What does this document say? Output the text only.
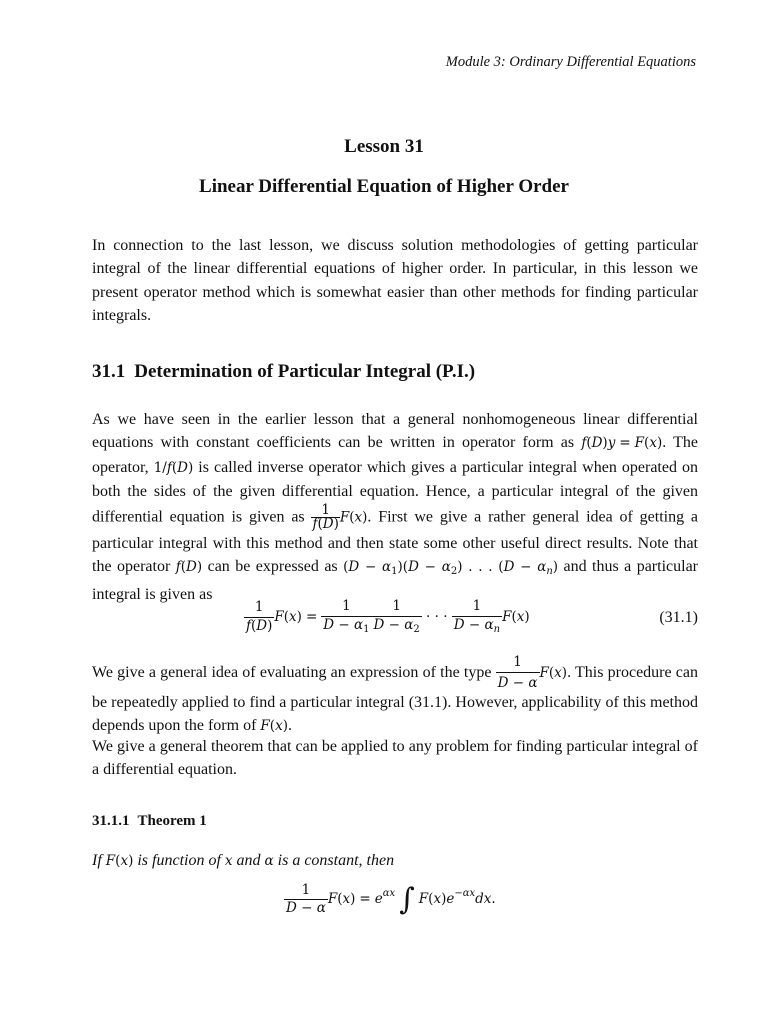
Module 3: Ordinary Differential Equations
Lesson 31
Linear Differential Equation of Higher Order

In connection to the last lesson, we discuss solution methodologies of getting particular integral of the linear differential equations of higher order. In particular, in this lesson we present operator method which is somewhat easier than other methods for finding particular integrals.

31.1 Determination of Particular Integral (P.I.)

As we have seen in the earlier lesson that a general nonhomogeneous linear differential equations with constant coefficients can be written in operator form as f(D)y = F(x). The operator, 1/f(D) is called inverse operator which gives a particular integral when operated on both the sides of the given differential equation. Hence, a particular integral of the given differential equation is given as $\frac{1}{f(D)} F(x)$. First we give a rather general idea of getting a particular integral with this method and then state some other useful direct results. Note that the operator f(D) can be expressed as $(D - \alpha_1)(D - \alpha_2)$ . . . $(D - \alpha_n)$ and thus a particular integral is given as

$\frac{1}{f(D)} F(x) = \frac{1}{D - \alpha_1} \frac{1}{D - \alpha_2}$ · · · $\frac{1}{D - \alpha_n} F(x)$	(31.1)

We give a general idea of evaluating an expression of the type $\frac{1}{D - \alpha} F(x)$. This procedure can be repeatedly applied to find a particular integral (31.1). However, applicability of this method depends upon the form of F(x).

We give a general theorem that can be applied to any problem for finding particular integral of a differential equation.

31.1.1 Theorem 1
If F(x) is function of x and α is a constant, then
$\frac{1}{D - \alpha} F(x) = e^{\alpha x}$ ∫ $F(x)e^{-\alpha x}dx$.
